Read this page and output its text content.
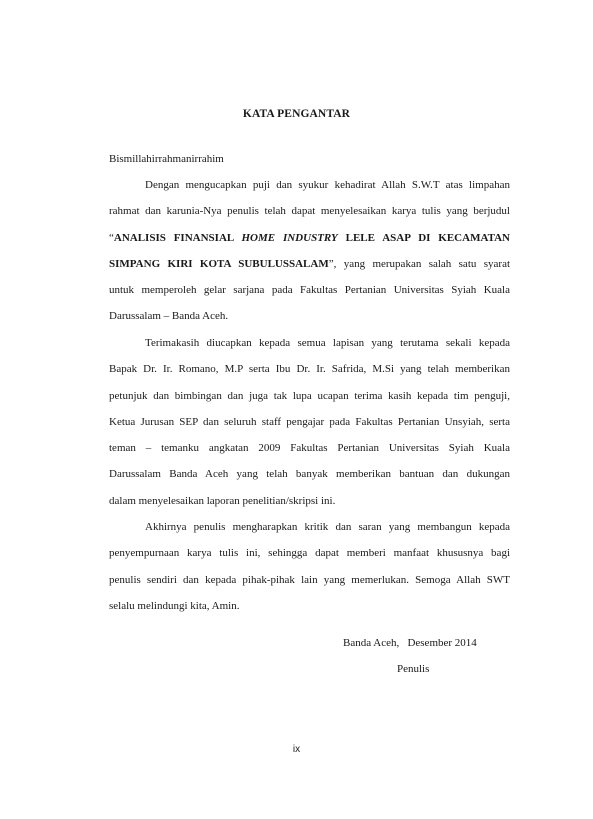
KATA PENGANTAR
Bismillahirrahmanirrahim
Dengan mengucapkan puji dan syukur kehadirat Allah S.W.T atas limpahan
rahmat dan karunia-Nya penulis telah dapat menyelesaikan karya tulis yang berjudul
“ANALISIS FINANSIAL HOME INDUSTRY LELE ASAP DI KECAMATAN
SIMPANG KIRI KOTA SUBULUSSALAM”, yang merupakan salah satu syarat
untuk memperoleh gelar sarjana pada Fakultas Pertanian Universitas Syiah Kuala
Darussalam – Banda Aceh.
Terimakasih diucapkan kepada semua lapisan yang terutama sekali kepada
Bapak Dr. Ir. Romano, M.P serta Ibu Dr. Ir. Safrida, M.Si yang telah memberikan
petunjuk dan bimbingan dan juga tak lupa ucapan terima kasih kepada tim penguji,
Ketua Jurusan SEP dan seluruh staff pengajar pada Fakultas Pertanian Unsyiah, serta
teman – temanku angkatan 2009 Fakultas Pertanian Universitas Syiah Kuala
Darussalam Banda Aceh yang telah banyak memberikan bantuan dan dukungan
dalam menyelesaikan laporan penelitian/skripsi ini.
Akhirnya penulis mengharapkan kritik dan saran yang membangun kepada
penyempurnaan karya tulis ini, sehingga dapat memberi manfaat khususnya bagi
penulis sendiri dan kepada pihak-pihak lain yang memerlukan. Semoga Allah SWT
selalu melindungi kita, Amin.
Banda Aceh,   Desember 2014
Penulis
ix
